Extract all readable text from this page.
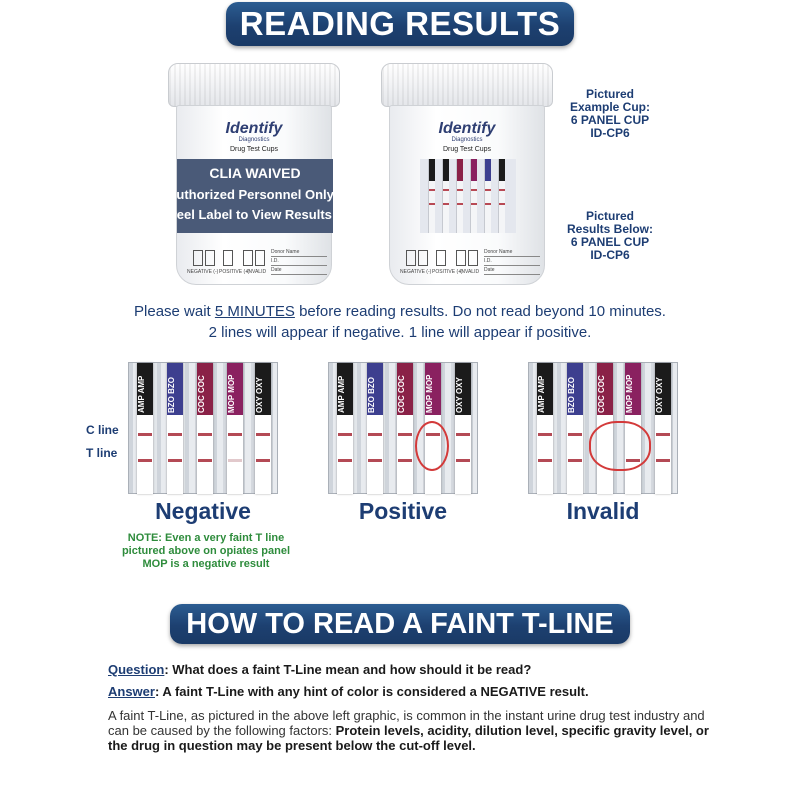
READING RESULTS
Identify
Diagnostics
Drug Test Cups
CLIA WAIVED
Authorized Personnel Only
Peel Label to View Results
NEGATIVE (-) POSITIVE (+)
INVALID
Donor Name
I.D.
Date
Identify
Diagnostics
Drug Test Cups
NEGATIVE (-) POSITIVE (+)
INVALID
Donor Name
I.D.
Date
Pictured
Example Cup:
6 PANEL CUP
ID-CP6
Pictured
Results Below:
6 PANEL CUP
ID-CP6
Please wait 5 MINUTES before reading results. Do not read beyond 10 minutes.
2 lines will appear if negative. 1 line will appear if positive.
C line
T line
AMP AMP	BZO BZO	COC COC	MOP MOP	OXY OXY	AMP AMP	BZO BZO	COC COC	MOP MOP	OXY OXY	AMP AMP	BZO BZO	COC COC	MOP MOP	OXY OXY
Negative	Positive	Invalid
NOTE: Even a very faint T line pictured above on opiates panel MOP is a negative result
HOW TO READ A FAINT T-LINE
Question: What does a faint T-Line mean and how should it be read?
Answer: A faint T-Line with any hint of color is considered a NEGATIVE result.
A faint T-Line, as pictured in the above left graphic, is common in the instant urine drug test industry and can be caused by the following factors: Protein levels, acidity, dilution level, specific gravity level, or the drug in question may be present below the cut-off level.
